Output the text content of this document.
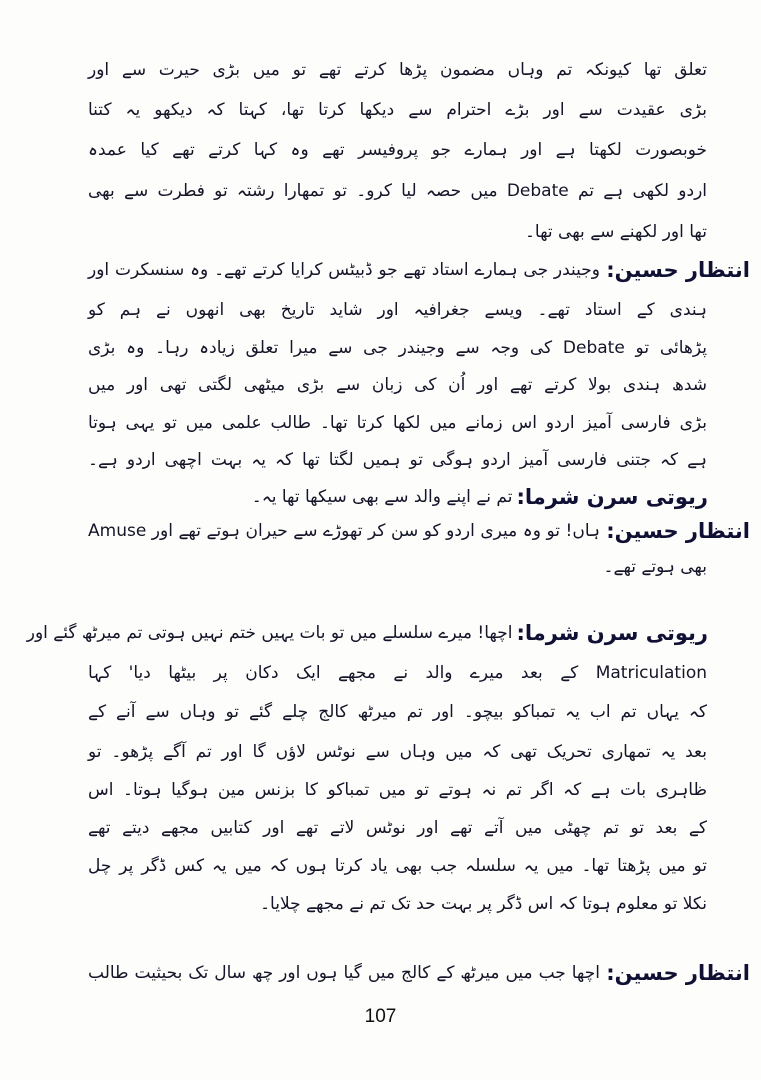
تعلق تھا کیونکہ تم وہاں مضمون پڑھا کرتے تھے تو میں بڑی حیرت سے اور
بڑی عقیدت سے اور بڑے احترام سے دیکھا کرتا تھا، کہتا کہ دیکھو یہ کتنا
خوبصورت لکھتا ہے اور ہمارے جو پروفیسر تھے وہ کہا کرتے تھے کیا عمدہ
اردو لکھی ہے تم Debate میں حصہ لیا کرو۔ تو تمھارا رشتہ تو فطرت سے بھی
تھا اور لکھنے سے بھی تھا۔
انتظار حسین:
وجیندر جی ہمارے استاد تھے جو ڈبیٹس کرایا کرتے تھے۔ وہ سنسکرت اور
ہندی کے استاد تھے۔ ویسے جغرافیہ اور شاید تاریخ بھی انھوں نے ہم کو
پڑھائی تو Debate کی وجہ سے وجیندر جی سے میرا تعلق زیادہ رہا۔ وہ بڑی
شدھ ہندی بولا کرتے تھے اور اُن کی زبان سے بڑی میٹھی لگتی تھی اور میں
بڑی فارسی آمیز اردو اس زمانے میں لکھا کرتا تھا۔ طالب علمی میں تو یہی ہوتا
ہے کہ جتنی فارسی آمیز اردو ہوگی تو ہمیں لگتا تھا کہ یہ بہت اچھی اردو ہے۔
ریوتی سرن شرما:
تم نے اپنے والد سے بھی سیکھا تھا یہ۔
انتظار حسین:
ہاں! تو وہ میری اردو کو سن کر تھوڑے سے حیران ہوتے تھے اور Amuse
بھی ہوتے تھے۔
ریوتی سرن شرما:
اچھا! میرے سلسلے میں تو بات یہیں ختم نہیں ہوتی تم میرٹھ گئے اور
Matriculation کے بعد میرے والد نے مجھے ایک دکان پر بیٹھا دیا' کہا
کہ یہاں تم اب یہ تمباکو بیچو۔ اور تم میرٹھ کالج چلے گئے تو وہاں سے آنے کے
بعد یہ تمھاری تحریک تھی کہ میں وہاں سے نوٹس لاؤں گا اور تم آگے پڑھو۔ تو
ظاہری بات ہے کہ اگر تم نہ ہوتے تو میں تمباکو کا بزنس مین ہوگیا ہوتا۔ اس
کے بعد تو تم چھٹی میں آتے تھے اور نوٹس لاتے تھے اور کتابیں مجھے دیتے تھے
تو میں پڑھتا تھا۔ میں یہ سلسلہ جب بھی یاد کرتا ہوں کہ میں یہ کس ڈگر پر چل
نکلا تو معلوم ہوتا کہ اس ڈگر پر بہت حد تک تم نے مجھے چلایا۔
انتظار حسین:
اچھا جب میں میرٹھ کے کالج میں گیا ہوں اور چھ سال تک بحیثیت طالب
107
